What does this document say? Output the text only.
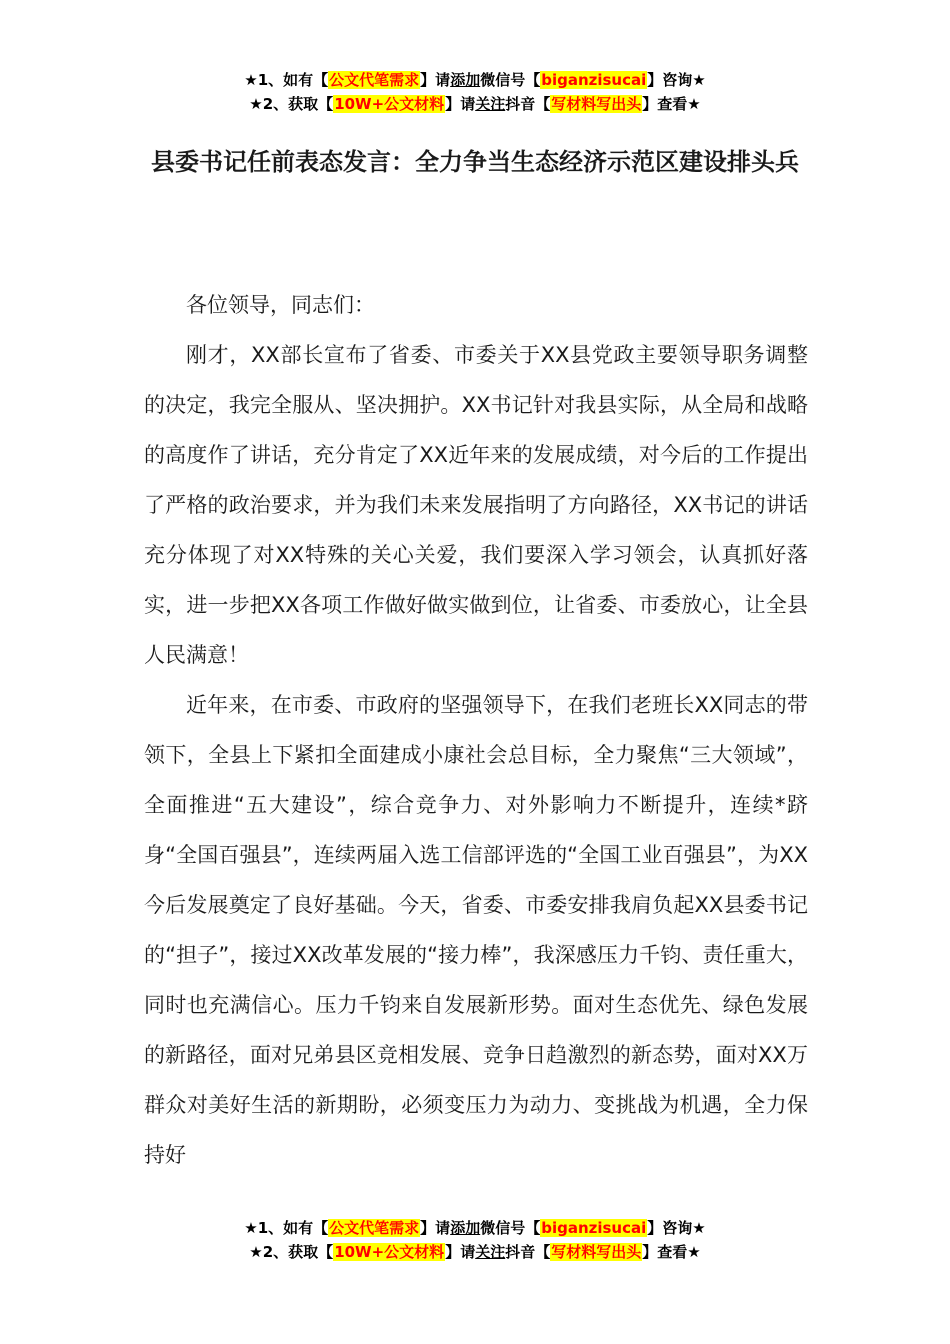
★1、如有【公文代笔需求】请添加微信号【biganzisucai】咨询★
★2、获取【10W+公文材料】请关注抖音【写材料写出头】查看★
县委书记任前表态发言：全力争当生态经济示范区建设排头兵

各位领导，同志们：

刚才，XX部长宣布了省委、市委关于XX县党政主要领导职务调整的决定，我完全服从、坚决拥护。XX书记针对我县实际，从全局和战略的高度作了讲话，充分肯定了XX近年来的发展成绩，对今后的工作提出了严格的政治要求，并为我们未来发展指明了方向路径，XX书记的讲话充分体现了对XX特殊的关心关爱，我们要深入学习领会，认真抓好落实，进一步把XX各项工作做好做实做到位，让省委、市委放心，让全县人民满意！

近年来，在市委、市政府的坚强领导下，在我们老班长XX同志的带领下，全县上下紧扣全面建成小康社会总目标，全力聚焦“三大领域”，全面推进“五大建设”，综合竞争力、对外影响力不断提升，连续*跻身“全国百强县”，连续两届入选工信部评选的“全国工业百强县”，为XX今后发展奠定了良好基础。今天，省委、市委安排我肩负起XX县委书记的“担子”，接过XX改革发展的“接力棒”，我深感压力千钧、责任重大，同时也充满信心。压力千钧来自发展新形势。面对生态优先、绿色发展的新路径，面对兄弟县区竞相发展、竞争日趋激烈的新态势，面对XX万群众对美好生活的新期盼，必须变压力为动力、变挑战为机遇，全力保持好

★1、如有【公文代笔需求】请添加微信号【biganzisucai】咨询★
★2、获取【10W+公文材料】请关注抖音【写材料写出头】查看★
